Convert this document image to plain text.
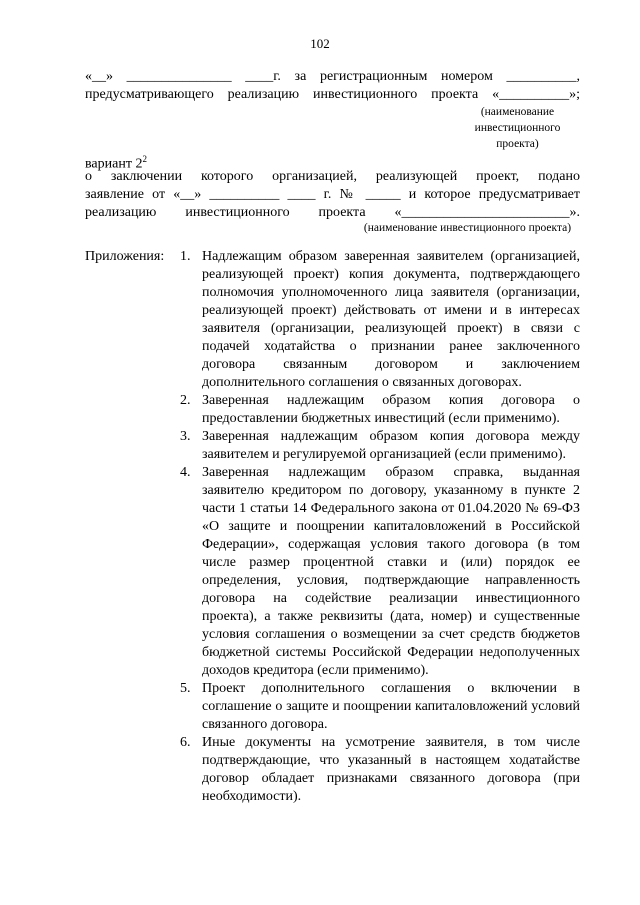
102
«__» _______________ ____г. за регистрационным номером __________,
предусматривающего реализацию инвестиционного проекта «__________»;
(наименование
инвестиционного
проекта)
вариант $2^2$
о заключении которого организацией, реализующей проект, подано
заявление от «__» __________ ____ г. № _____ и которое предусматривает
реализацию инвестиционного проекта «________________________».
(наименование инвестиционного проекта)
Приложения: 1. Надлежащим образом заверенная заявителем (организацией, реализующей проект) копия документа, подтверждающего полномочия уполномоченного лица заявителя (организации, реализующей проект) действовать от имени и в интересах заявителя (организации, реализующей проект) в связи с подачей ходатайства о признании ранее заключенного договора связанным договором и заключением дополнительного соглашения о связанных договорах.
2. Заверенная надлежащим образом копия договора о предоставлении бюджетных инвестиций (если применимо).
3. Заверенная надлежащим образом копия договора между заявителем и регулируемой организацией (если применимо).
4. Заверенная надлежащим образом справка, выданная заявителю кредитором по договору, указанному в пункте 2 части 1 статьи 14 Федерального закона от 01.04.2020 № 69-ФЗ «О защите и поощрении капиталовложений в Российской Федерации», содержащая условия такого договора (в том числе размер процентной ставки и (или) порядок ее определения, условия, подтверждающие направленность договора на содействие реализации инвестиционного проекта), а также реквизиты (дата, номер) и существенные условия соглашения о возмещении за счет средств бюджетов бюджетной системы Российской Федерации недополученных доходов кредитора (если применимо).
5. Проект дополнительного соглашения о включении в соглашение о защите и поощрении капиталовложений условий связанного договора.
6. Иные документы на усмотрение заявителя, в том числе подтверждающие, что указанный в настоящем ходатайстве договор обладает признаками связанного договора (при необходимости).
